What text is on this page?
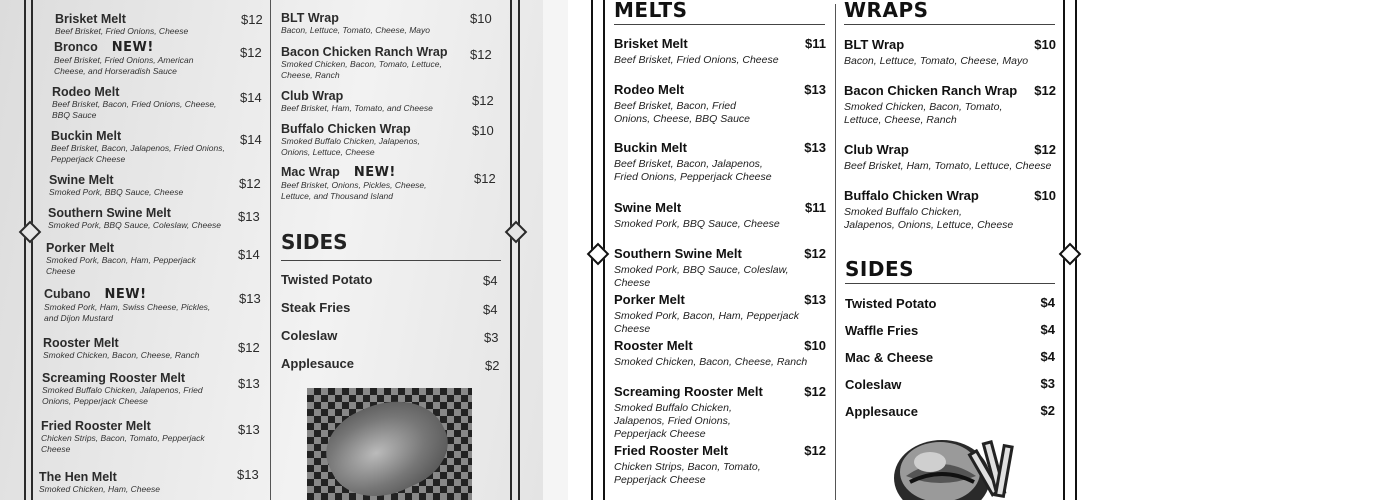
Brisket Melt
Beef Brisket, Fried Onions, Cheese
$12
Bronco NEW!
Beef Brisket, Fried Onions, American Cheese, and Horseradish Sauce
$12
Rodeo Melt
Beef Brisket, Bacon, Fried Onions, Cheese, BBQ Sauce
$14
Buckin Melt
Beef Brisket, Bacon, Jalapenos, Fried Onions, Pepperjack Cheese
$14
Swine Melt
Smoked Pork, BBQ Sauce, Cheese
$12
Southern Swine Melt
Smoked Pork, BBQ Sauce, Coleslaw, Cheese
$13
Porker Melt
Smoked Pork, Bacon, Ham, Pepperjack Cheese
$14
Cubano NEW!
Smoked Pork, Ham, Swiss Cheese, Pickles, and Dijon Mustard
$13
Rooster Melt
Smoked Chicken, Bacon, Cheese, Ranch	$12
Screaming Rooster Melt
Smoked Buffalo Chicken, Jalapenos, Fried Onions, Pepperjack Cheese
$13
Fried Rooster Melt
Chicken Strips, Bacon, Tomato, Pepperjack Cheese
$13
The Hen Melt
Smoked Chicken, Ham, Cheese
$13
BLT Wrap
Bacon, Lettuce, Tomato, Cheese, Mayo
$10
Bacon Chicken Ranch Wrap
Smoked Chicken, Bacon, Tomato, Lettuce, Cheese, Ranch
$12
Club Wrap
Beef Brisket, Ham, Tomato, and Cheese	$12
Buffalo Chicken Wrap
Smoked Buffalo Chicken, Jalapenos, Onions, Lettuce, Cheese
$10
Mac Wrap NEW!
Beef Brisket, Onions, Pickles, Cheese, Lettuce, and Thousand Island
$12
SIDES
Twisted Potato	$4
Steak Fries	$4
Coleslaw	$3
Applesauce	$2
MELTS	WRAPS
Brisket Melt
Beef Brisket, Fried Onions, Cheese
$11
Rodeo Melt
Beef Brisket, Bacon, Fried Onions, Cheese, BBQ Sauce
$13
Buckin Melt
Beef Brisket, Bacon, Jalapenos, Fried Onions, Pepperjack Cheese
$13
Swine Melt
Smoked Pork, BBQ Sauce, Cheese
$11
Southern Swine Melt
Smoked Pork, BBQ Sauce, Coleslaw, Cheese
$12
Porker Melt
Smoked Pork, Bacon, Ham, Pepperjack Cheese
$13
Rooster Melt
Smoked Chicken, Bacon, Cheese, Ranch
$10
Screaming Rooster Melt
Smoked Buffalo Chicken, Jalapenos, Fried Onions, Pepperjack Cheese
$12
Fried Rooster Melt
Chicken Strips, Bacon, Tomato, Pepperjack Cheese
$12
BLT Wrap
Bacon, Lettuce, Tomato, Cheese, Mayo
$10
Bacon Chicken Ranch Wrap
Smoked Chicken, Bacon, Tomato, Lettuce, Cheese, Ranch
$12
Club Wrap
Beef Brisket, Ham, Tomato, Lettuce, Cheese
$12
Buffalo Chicken Wrap
Smoked Buffalo Chicken, Jalapenos, Onions, Lettuce, Cheese
$10
SIDES
Twisted Potato	$4
Waffle Fries	$4
Mac & Cheese	$4
Coleslaw	$3
Applesauce	$2
